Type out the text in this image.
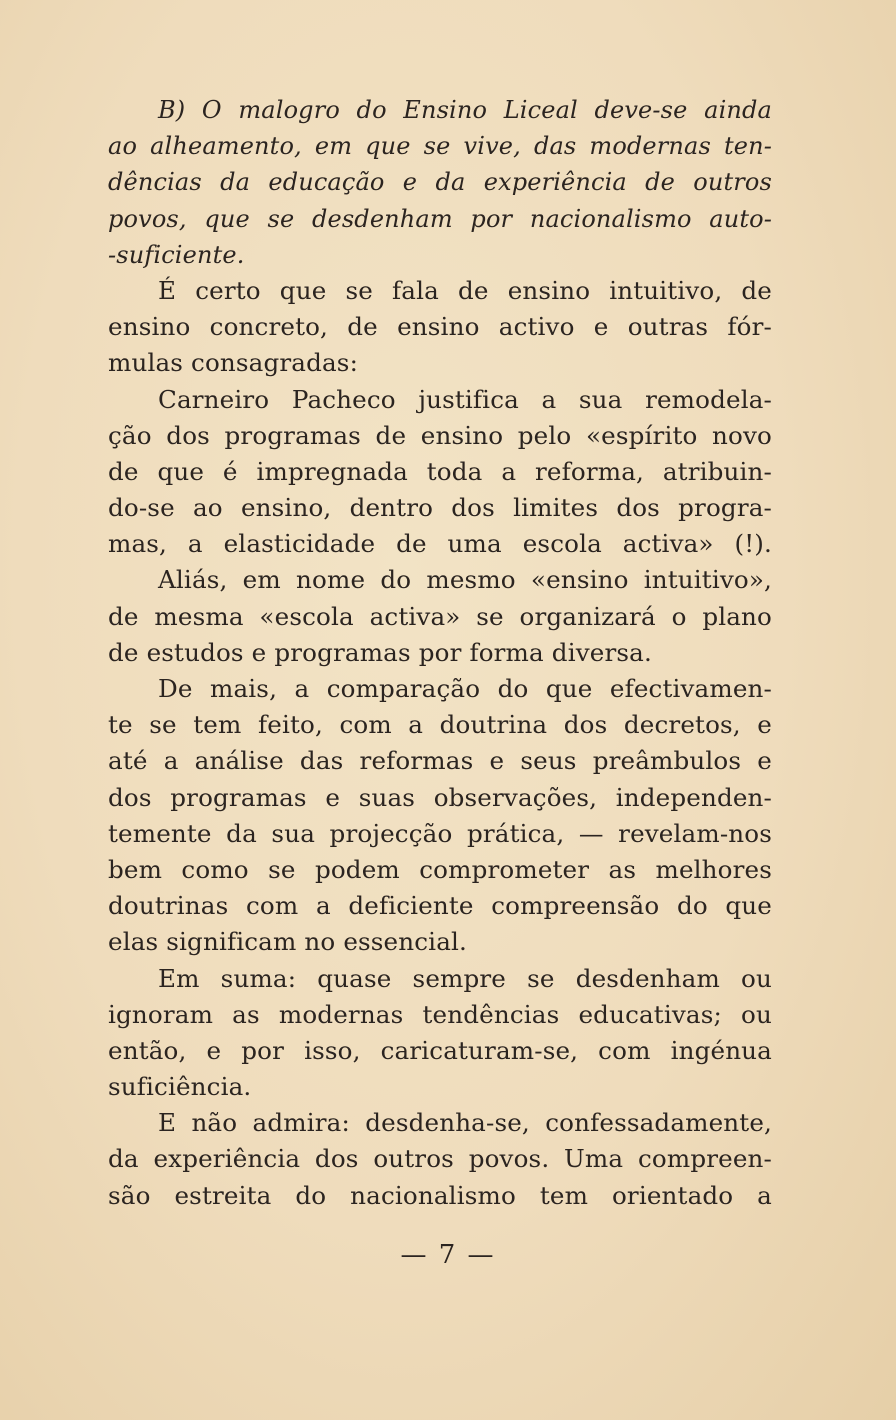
B) O malogro do Ensino Liceal deve-se ainda
ao alheamento, em que se vive, das modernas ten-
dências da educação e da experiência de outros
povos, que se desdenham por nacionalismo auto-
-suficiente.
É certo que se fala de ensino intuitivo, de
ensino concreto, de ensino activo e outras fór-
mulas consagradas:
Carneiro Pacheco justifica a sua remodela-
ção dos programas de ensino pelo «espírito novo
de que é impregnada toda a reforma, atribuin-
do-se ao ensino, dentro dos limites dos progra-
mas, a elasticidade de uma escola activa» (!).
Aliás, em nome do mesmo «ensino intuitivo»,
de mesma «escola activa» se organizará o plano
de estudos e programas por forma diversa.
De mais, a comparação do que efectivamen-
te se tem feito, com a doutrina dos decretos, e
até a análise das reformas e seus preâmbulos e
dos programas e suas observações, independen-
temente da sua projecção prática, — revelam-nos
bem como se podem comprometer as melhores
doutrinas com a deficiente compreensão do que
elas significam no essencial.
Em suma: quase sempre se desdenham ou
ignoram as modernas tendências educativas; ou
então, e por isso, caricaturam-se, com ingénua
suficiência.
E não admira: desdenha-se, confessadamente,
da experiência dos outros povos. Uma compreen-
são estreita do nacionalismo tem orientado a
— 7 —
